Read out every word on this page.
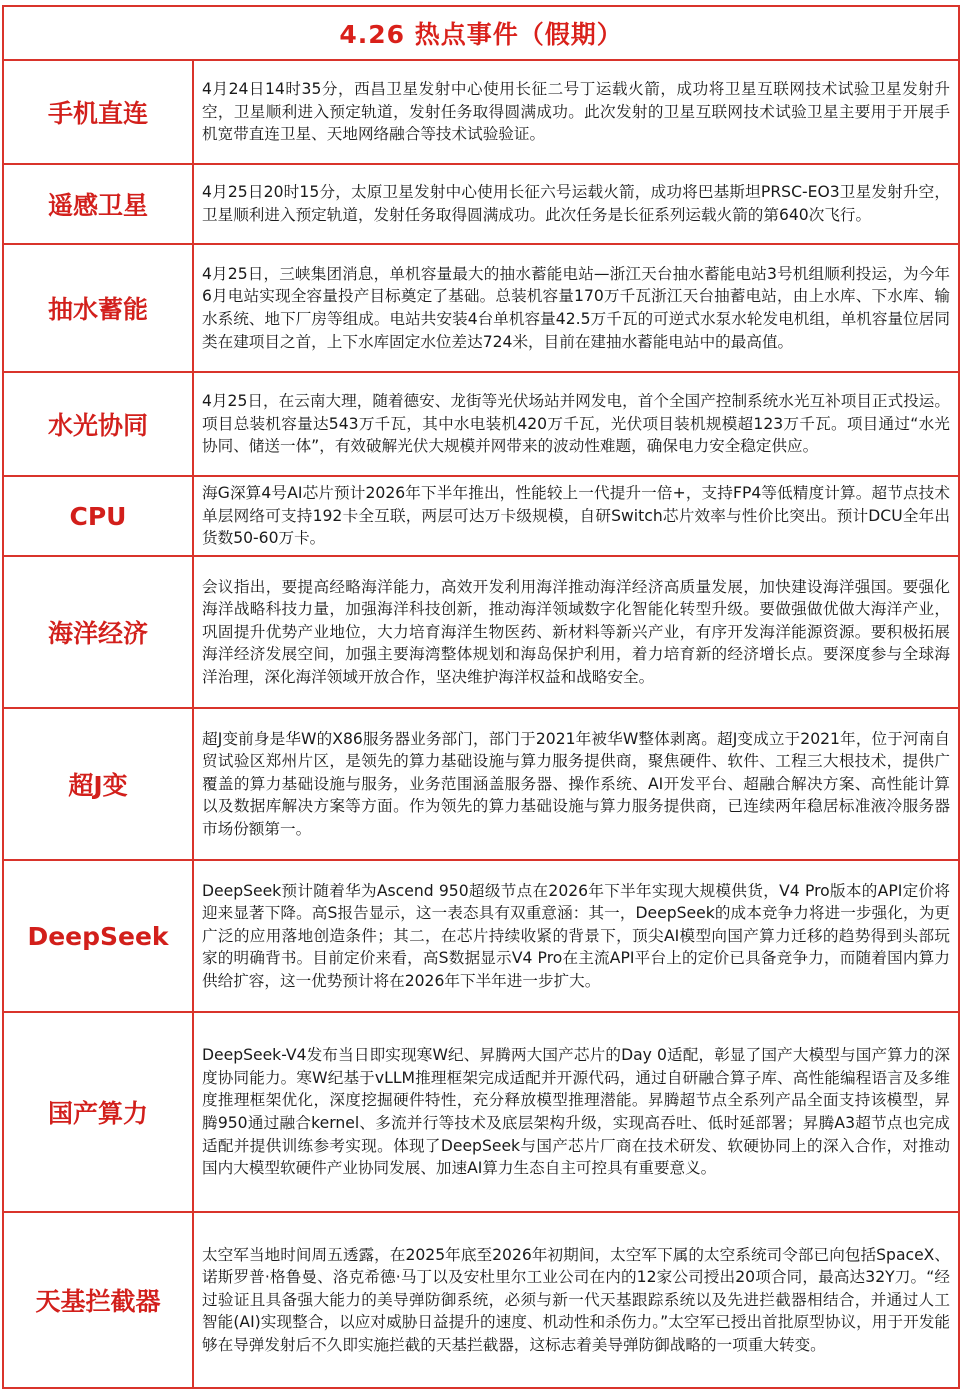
4.26 热点事件（假期）	
手机直连	4月24日14时35分，西昌卫星发射中心使用长征二号丁运载火箭，成功将卫星互联网技术试验卫星发射升空，卫星顺利进入预定轨道，发射任务取得圆满成功。此次发射的卫星互联网技术试验卫星主要用于开展手机宽带直连卫星、天地网络融合等技术试验验证。
遥感卫星	4月25日20时15分，太原卫星发射中心使用长征六号运载火箭，成功将巴基斯坦PRSC-EO3卫星发射升空，卫星顺利进入预定轨道，发射任务取得圆满成功。此次任务是长征系列运载火箭的第640次飞行。
抽水蓄能	4月25日，三峡集团消息，单机容量最大的抽水蓄能电站—浙江天台抽水蓄能电站3号机组顺利投运，为今年6月电站实现全容量投产目标奠定了基础。总装机容量170万千瓦浙江天台抽蓄电站，由上水库、下水库、输水系统、地下厂房等组成。电站共安装4台单机容量42.5万千瓦的可逆式水泵水轮发电机组，单机容量位居同类在建项目之首，上下水库固定水位差达724米，目前在建抽水蓄能电站中的最高值。
水光协同	4月25日，在云南大理，随着德安、龙街等光伏场站并网发电，首个全国产控制系统水光互补项目正式投运。项目总装机容量达543万千瓦，其中水电装机420万千瓦，光伏项目装机规模超123万千瓦。项目通过“水光协同、储送一体”，有效破解光伏大规模并网带来的波动性难题，确保电力安全稳定供应。
CPU	海G深算4号AI芯片预计2026年下半年推出，性能较上一代提升一倍+，支持FP4等低精度计算。超节点技术单层网络可支持192卡全互联，两层可达万卡级规模，自研Switch芯片效率与性价比突出。预计DCU全年出货数50-60万卡。
海洋经济	会议指出，要提高经略海洋能力，高效开发利用海洋推动海洋经济高质量发展，加快建设海洋强国。要强化海洋战略科技力量，加强海洋科技创新，推动海洋领域数字化智能化转型升级。要做强做优做大海洋产业，巩固提升优势产业地位，大力培育海洋生物医药、新材料等新兴产业，有序开发海洋能源资源。要积极拓展海洋经济发展空间，加强主要海湾整体规划和海岛保护利用，着力培育新的经济增长点。要深度参与全球海洋治理，深化海洋领域开放合作，坚决维护海洋权益和战略安全。
超J变	超J变前身是华W的X86服务器业务部门，部门于2021年被华W整体剥离。超J变成立于2021年，位于河南自贸试验区郑州片区，是领先的算力基础设施与算力服务提供商，聚焦硬件、软件、工程三大根技术，提供广覆盖的算力基础设施与服务，业务范围涵盖服务器、操作系统、AI开发平台、超融合解决方案、高性能计算以及数据库解决方案等方面。作为领先的算力基础设施与算力服务提供商，已连续两年稳居标准液冷服务器市场份额第一。
DeepSeek	DeepSeek预计随着华为Ascend 950超级节点在2026年下半年实现大规模供货，V4 Pro版本的API定价将迎来显著下降。高S报告显示，这一表态具有双重意涵：其一，DeepSeek的成本竞争力将进一步强化，为更广泛的应用落地创造条件；其二，在芯片持续收紧的背景下，顶尖AI模型向国产算力迁移的趋势得到头部玩家的明确背书。目前定价来看，高S数据显示V4 Pro在主流API平台上的定价已具备竞争力，而随着国内算力供给扩容，这一优势预计将在2026年下半年进一步扩大。
国产算力	DeepSeek-V4发布当日即实现寒W纪、昇腾两大国产芯片的Day 0适配，彰显了国产大模型与国产算力的深度协同能力。寒W纪基于vLLM推理框架完成适配并开源代码，通过自研融合算子库、高性能编程语言及多维度推理框架优化，深度挖掘硬件特性，充分释放模型推理潜能。昇腾超节点全系列产品全面支持该模型，昇腾950通过融合kernel、多流并行等技术及底层架构升级，实现高吞吐、低时延部署；昇腾A3超节点也完成适配并提供训练参考实现。体现了DeepSeek与国产芯片厂商在技术研发、软硬协同上的深入合作，对推动国内大模型软硬件产业协同发展、加速AI算力生态自主可控具有重要意义。
天基拦截器	太空军当地时间周五透露，在2025年底至2026年初期间，太空军下属的太空系统司令部已向包括SpaceX、诺斯罗普·格鲁曼、洛克希德·马丁以及安杜里尔工业公司在内的12家公司授出20项合同，最高达32Y刀。“经过验证且具备强大能力的美导弹防御系统，必须与新一代天基跟踪系统以及先进拦截器相结合，并通过人工智能(AI)实现整合，以应对威胁日益提升的速度、机动性和杀伤力。”太空军已授出首批原型协议，用于开发能够在导弹发射后不久即实施拦截的天基拦截器，这标志着美导弹防御战略的一项重大转变。
